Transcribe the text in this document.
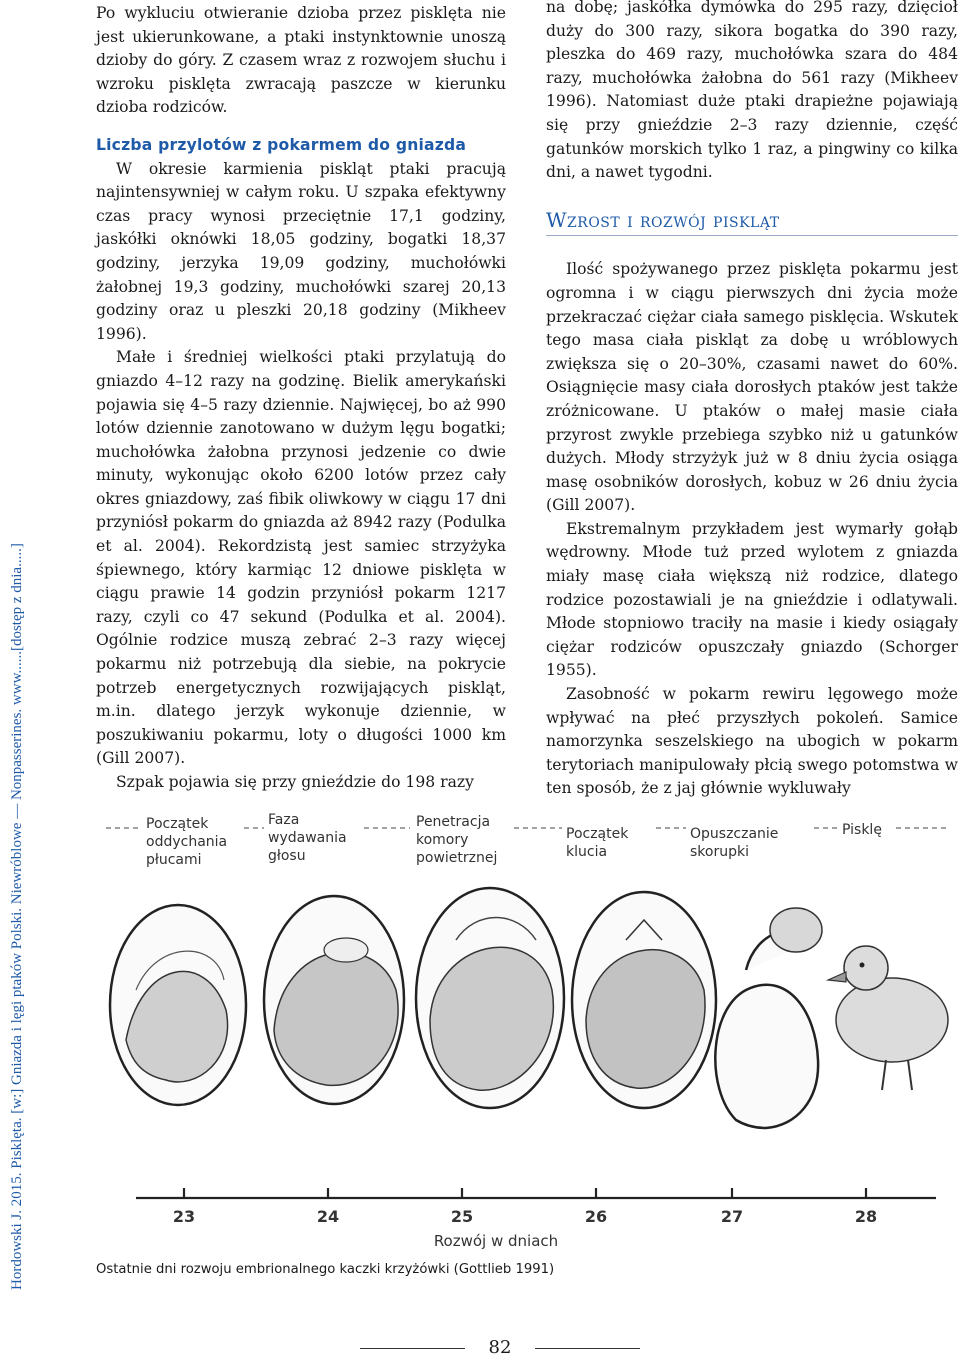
Hordowski J. 2015. Pisklęta. [w:] Gniazda i lęgi ptaków Polski. Niewróblowe — Nonpasserines. www......[dostęp z dnia.....]

Po wykluciu otwieranie dzioba przez pisklęta nie jest ukierunkowane, a ptaki instynktownie unoszą dzioby do góry. Z czasem wraz z rozwojem słuchu i wzroku pisklęta zwracają paszcze w kierunku dzioba rodziców.

Liczba przylotów z pokarmem do gniazda

W okresie karmienia piskląt ptaki pracują najintensywniej w całym roku. U szpaka efektywny czas pracy wynosi przeciętnie 17,1 godziny, jaskółki oknówki 18,05 godziny, bogatki 18,37 godziny, jerzyka 19,09 godziny, muchołówki żałobnej 19,3 godziny, muchołówki szarej 20,13 godziny oraz u pleszki 20,18 godziny (Mikheev 1996).

Małe i średniej wielkości ptaki przylatują do gniazdo 4–12 razy na godzinę. Bielik amerykański pojawia się 4–5 razy dziennie. Najwięcej, bo aż 990 lotów dziennie zanotowano w dużym lęgu bogatki; muchołówka żałobna przynosi jedzenie co dwie minuty, wykonując około 6200 lotów przez cały okres gniazdowy, zaś fibik oliwkowy w ciągu 17 dni przyniósł pokarm do gniazda aż 8942 razy (Podulka et al. 2004). Rekordzistą jest samiec strzyżyka śpiewnego, który karmiąc 12 dniowe pisklęta w ciągu prawie 14 godzin przyniósł pokarm 1217 razy, czyli co 47 sekund (Podulka et al. 2004). Ogólnie rodzice muszą zebrać 2–3 razy więcej pokarmu niż potrzebują dla siebie, na pokrycie potrzeb energetycznych rozwijających piskląt, m.in. dlatego jerzyk wykonuje dziennie, w poszukiwaniu pokarmu, loty o długości 1000 km (Gill 2007).

Szpak pojawia się przy gnieździe do 198 razy

na dobę; jaskółka dymówka do 295 razy, dzięcioł duży do 300 razy, sikora bogatka do 390 razy, pleszka do 469 razy, muchołówka szara do 484 razy, muchołówka żałobna do 561 razy (Mikheev 1996). Natomiast duże ptaki drapieżne pojawiają się przy gnieździe 2–3 razy dziennie, część gatunków morskich tylko 1 raz, a pingwiny co kilka dni, a nawet tygodni.

Wzrost i rozwój piskląt

Ilość spożywanego przez pisklęta pokarmu jest ogromna i w ciągu pierwszych dni życia może przekraczać ciężar ciała samego pisklęcia. Wskutek tego masa ciała piskląt za dobę u wróblowych zwiększa się o 20–30%, czasami nawet do 60%. Osiągnięcie masy ciała dorosłych ptaków jest także zróżnicowane. U ptaków o małej masie ciała przyrost zwykle przebiega szybko niż u gatunków dużych. Młody strzyżyk już w 8 dniu życia osiąga masę osobników dorosłych, kobuz w 26 dniu życia (Gill 2007).

Ekstremalnym przykładem jest wymarły gołąb wędrowny. Młode tuż przed wylotem z gniazda miały masę ciała większą niż rodzice, dlatego rodzice pozostawiali je na gnieździe i odlatywali. Młode stopniowo traciły na masie i kiedy osiągały ciężar rodziców opuszczały gniazdo (Schorger 1955).

Zasobność w pokarm rewiru lęgowego może wpływać na płeć przyszłych pokoleń. Samice namorzynka seszelskiego na ubogich w pokarm terytoriach manipulowały płcią swego potomstwa w ten sposób, że z jaj głównie wykluwały

Początek
oddychania
płucami
Faza
wydawania
głosu
Penetracja
komory
powietrznej
Początek
klucia
Opuszczanie
skorupki
Pisklę
23	24	25	26	27	28
Rozwój w dniach
Ostatnie dni rozwoju embrionalnego kaczki krzyżówki (Gottlieb 1991)
82
